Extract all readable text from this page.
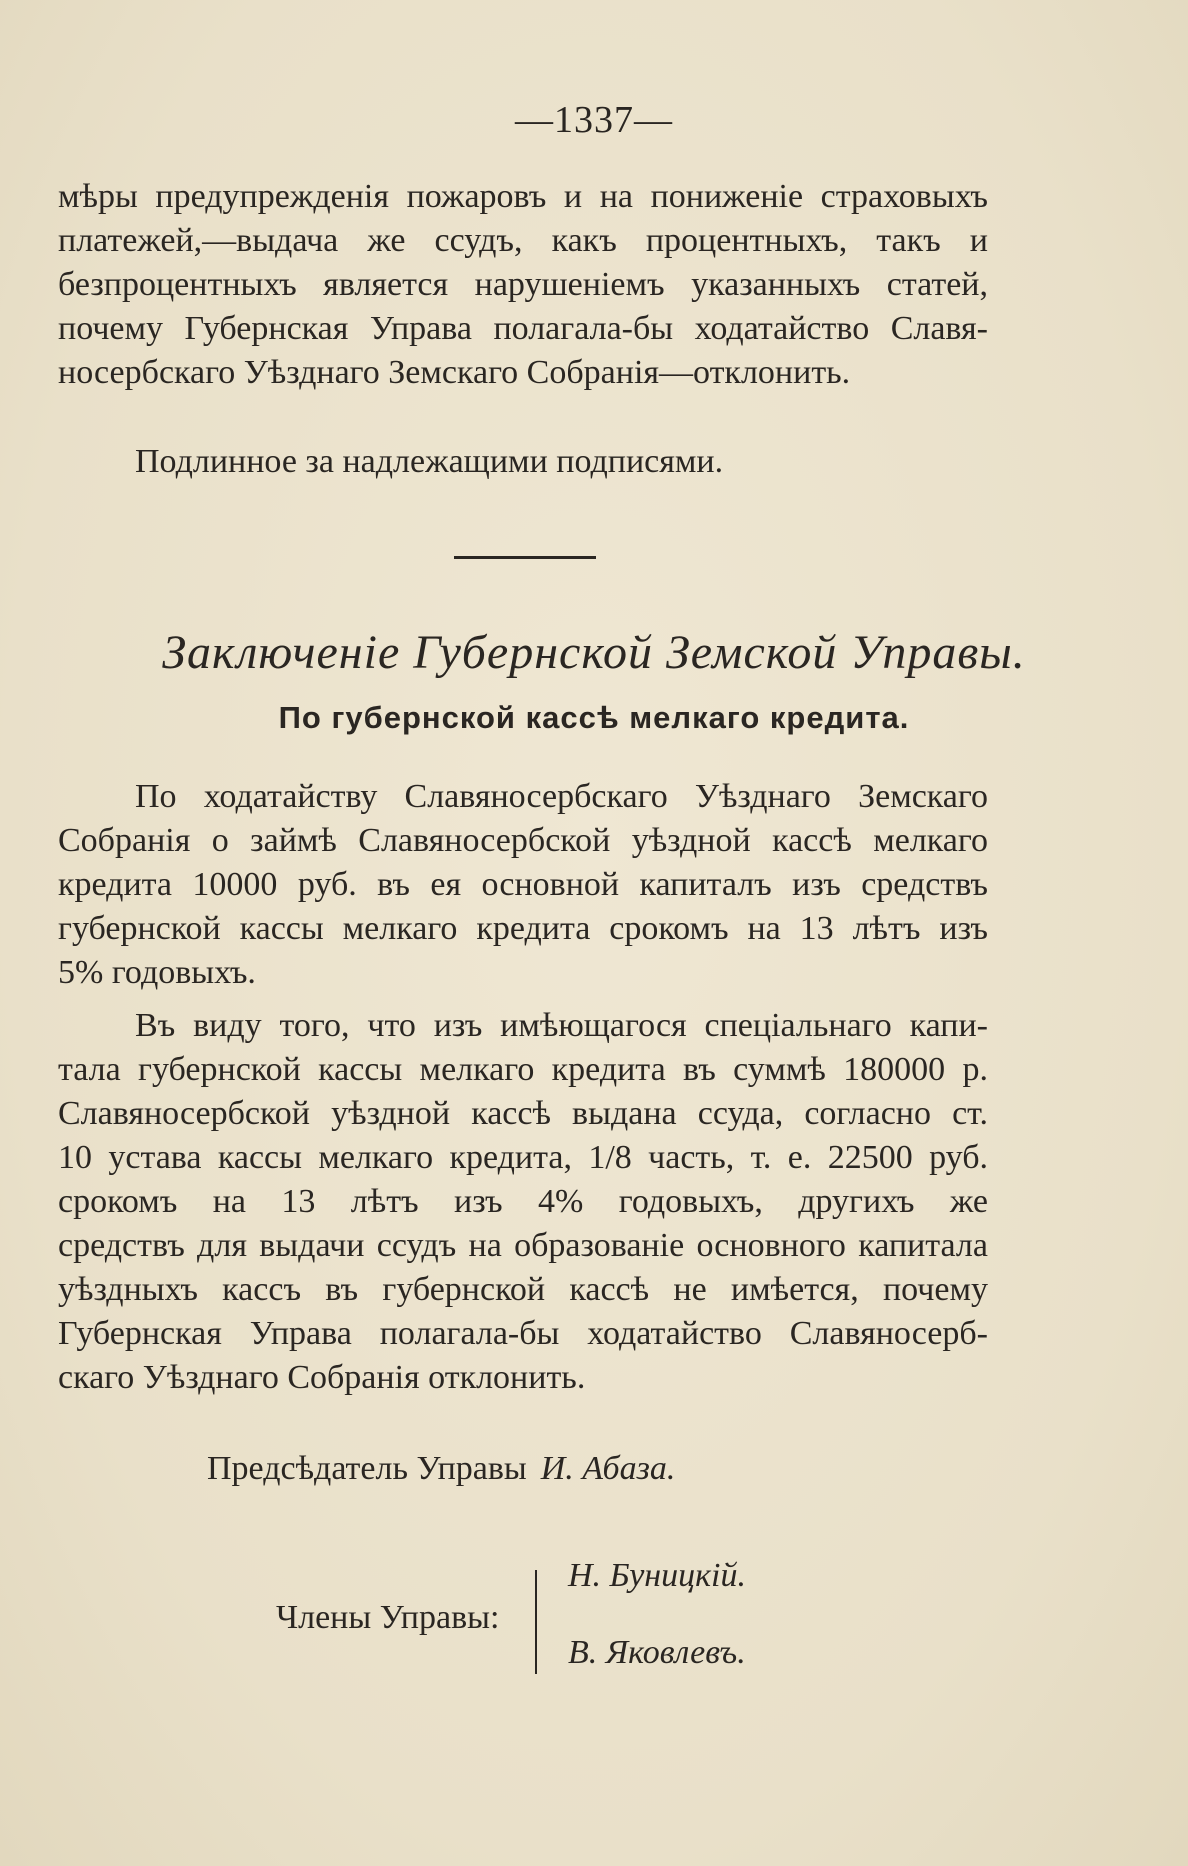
—1337—

мѣры предупрежденія пожаровъ и на пониженіе страховыхъ
платежей,—выдача же ссудъ, какъ процентныхъ, такъ и
безпроцентныхъ является нарушеніемъ указанныхъ статей,
почему Губернская Управа полагала-бы ходатайство Славя-
носербскаго Уѣзднаго Земскаго Собранія—отклонить.

Подлинное за надлежащими подписями.

Заключеніе Губернской Земской Управы.
По губернской кассѣ мелкаго кредита.

По ходатайству Славяносербскаго Уѣзднаго Земскаго
Собранія о займѣ Славяносербской уѣздной кассѣ мелкаго
кредита 10000 руб. въ ея основной капиталъ изъ средствъ
губернской кассы мелкаго кредита срокомъ на 13 лѣтъ изъ
5% годовыхъ.

Въ виду того, что изъ имѣющагося спеціальнаго капи-
тала губернской кассы мелкаго кредита въ суммѣ 180000 р.
Славяносербской уѣздной кассѣ выдана ссуда, согласно ст.
10 устава кассы мелкаго кредита, 1/8 часть, т. е. 22500 руб.
срокомъ на 13 лѣтъ изъ 4% годовыхъ, другихъ же
средствъ для выдачи ссудъ на образованіе основного капитала
уѣздныхъ кассъ въ губернской кассѣ не имѣется, почему
Губернская Управа полагала-бы ходатайство Славяносерб-
скаго Уѣзднаго Собранія отклонить.

Предсѣдатель Управы И. Абаза.
Члены Управы:
Н. Буницкій.
В. Яковлевъ.
